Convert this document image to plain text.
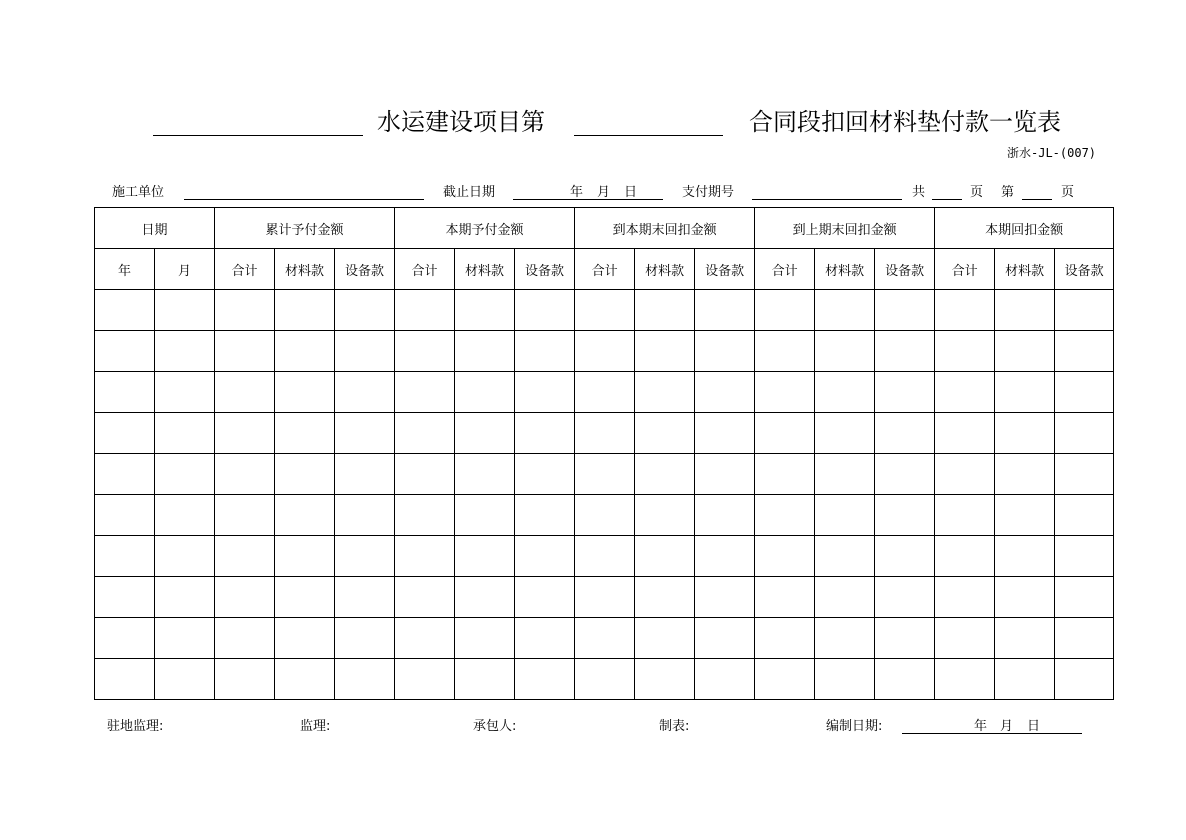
水运建设项目第	合同段扣回材料垫付款一览表
浙水-JL-(007)
施工单位	截止日期	年 月 日	支付期号	共	页 第	页
日期		累计予付金额			本期予付金额			到本期末回扣金额			到上期末回扣金额			本期回扣金额		
年	月	合计	材料款	设备款	合计	材料款	设备款	合计	材料款	设备款	合计	材料款	设备款	合计	材料款	设备款

驻地监理:	监理:	承包人:	制表:	编制日期:	年 月 日
